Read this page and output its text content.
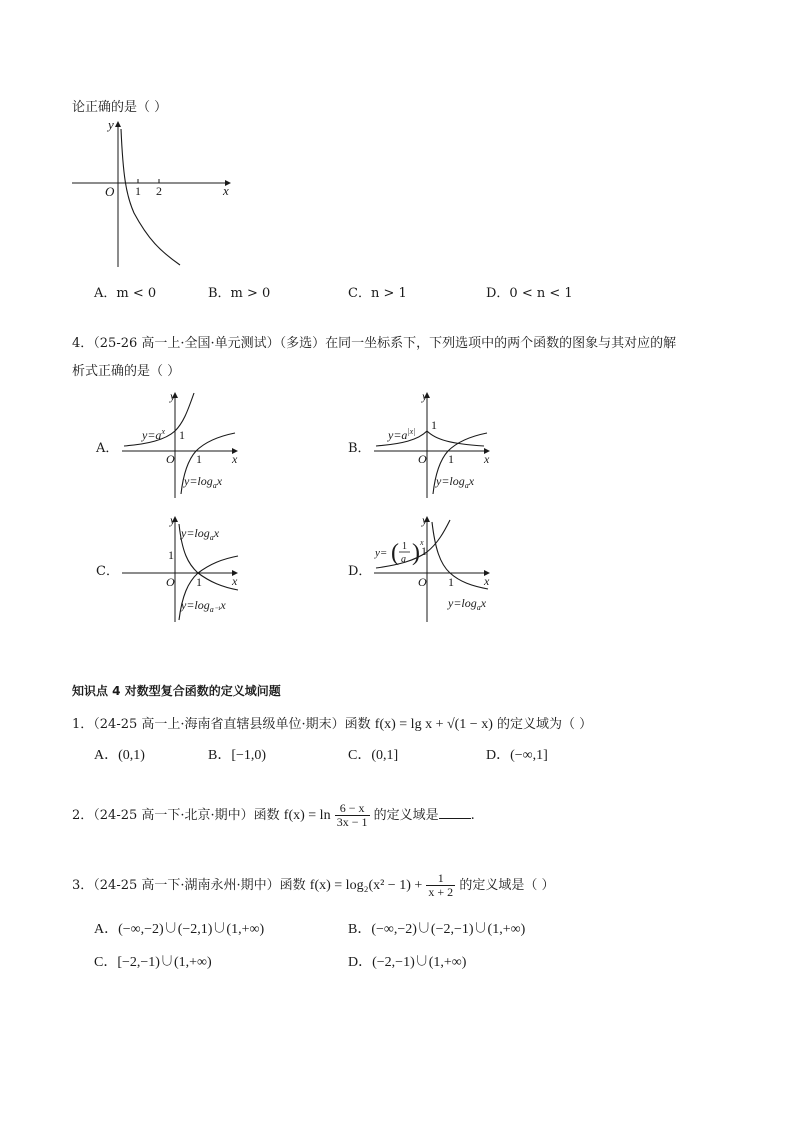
论正确的是（ ）
y
x
O 1 2
A．m < 0	B．m > 0	C．n > 1	D．0 < n < 1
4．（25-26 高一上·全国·单元测试）（多选）在同一坐标系下，下列选项中的两个函数的图象与其对应的解
析式正确的是（ ）
A．	B．
C．	D．
y
x
O
1
1
$y=a^x$
$y=\log_ax$
y
x
O
1
1
$y=a^{|x|}$
$y=\log_ax$
y
x
O
1
1
$y=\log_ax$
$y=\log_{a^{-1}}x$
y
x
O
1
1
y= ( 1
a ) x
$y=\log_ax$
知识点 4 对数型复合函数的定义域问题
1．（24-25 高一上·海南省直辖县级单位·期末）函数 f(x) = lg x + √(1 − x) 的定义域为（ ）
A．(0,1)	B．[−1,0)	C．(0,1]	D．(−∞,1]
2．（24-25 高一下·北京·期中）函数 $f(x) = \ln \frac{6 - x}{3x - 1}$ 的定义域是 .
3．（24-25 高一下·湖南永州·期中）函数 $f(x) = \log_2(x^2 - 1) + \frac{1}{x + 2}$ 的定义域是（ ）
A．(−∞,−2)∪(−2,1)∪(1,+∞)	B．(−∞,−2)∪(−2,−1)∪(1,+∞)
C．[−2,−1)∪(1,+∞)	D．(−2,−1)∪(1,+∞)
